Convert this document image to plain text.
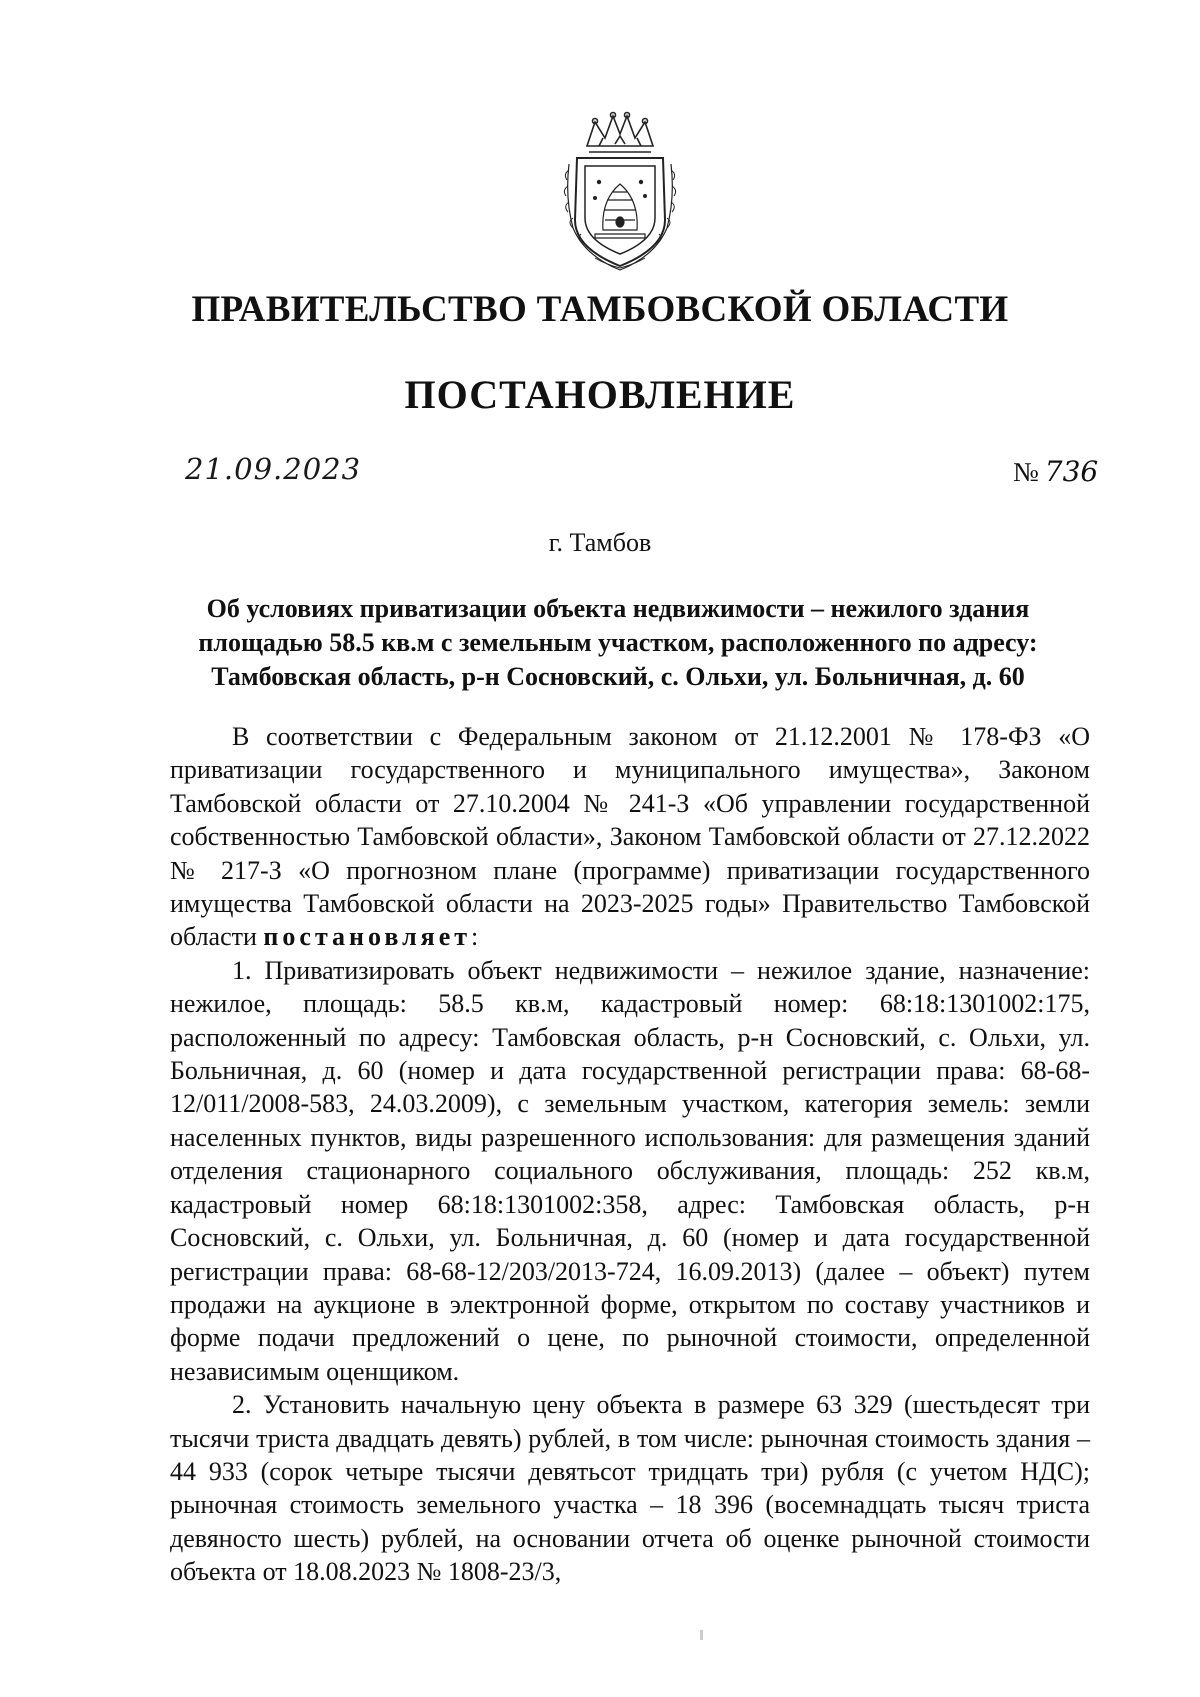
ПРАВИТЕЛЬСТВО ТАМБОВСКОЙ ОБЛАСТИ
ПОСТАНОВЛЕНИЕ
21.09.2023	№ 736
г. Тамбов
Об условиях приватизации объекта недвижимости – нежилого здания
площадью 58.5 кв.м с земельным участком, расположенного по адресу:
Тамбовская область, р-н Сосновский, с. Ольхи, ул. Больничная, д. 60

В соответствии с Федеральным законом от 21.12.2001 № 178-ФЗ «О приватизации государственного и муниципального имущества», Законом Тамбовской области от 27.10.2004 № 241-З «Об управлении государственной собственностью Тамбовской области», Законом Тамбовской области от 27.12.2022 № 217-З «О прогнозном плане (программе) приватизации государственного имущества Тамбовской области на 2023-2025 годы» Правительство Тамбовской области постановляет:

1. Приватизировать объект недвижимости – нежилое здание, назначение: нежилое, площадь: 58.5 кв.м, кадастровый номер: 68:18:1301002:175, расположенный по адресу: Тамбовская область, р-н Сосновский, с. Ольхи, ул. Больничная, д. 60 (номер и дата государственной регистрации права: 68-68-12/011/2008-583, 24.03.2009), с земельным участком, категория земель: земли населенных пунктов, виды разрешенного использования: для размещения зданий отделения стационарного социального обслуживания, площадь: 252 кв.м, кадастровый номер 68:18:1301002:358, адрес: Тамбовская область, р-н Сосновский, с. Ольхи, ул. Больничная, д. 60 (номер и дата государственной регистрации права: 68-68-12/203/2013-724, 16.09.2013) (далее – объект) путем продажи на аукционе в электронной форме, открытом по составу участников и форме подачи предложений о цене, по рыночной стоимости, определенной независимым оценщиком.

2. Установить начальную цену объекта в размере 63 329 (шестьдесят три тысячи триста двадцать девять) рублей, в том числе: рыночная стоимость здания – 44 933 (сорок четыре тысячи девятьсот тридцать три) рубля (с учетом НДС); рыночная стоимость земельного участка – 18 396 (восемнадцать тысяч триста девяносто шесть) рублей, на основании отчета об оценке рыночной стоимости объекта от 18.08.2023 № 1808-23/3,
